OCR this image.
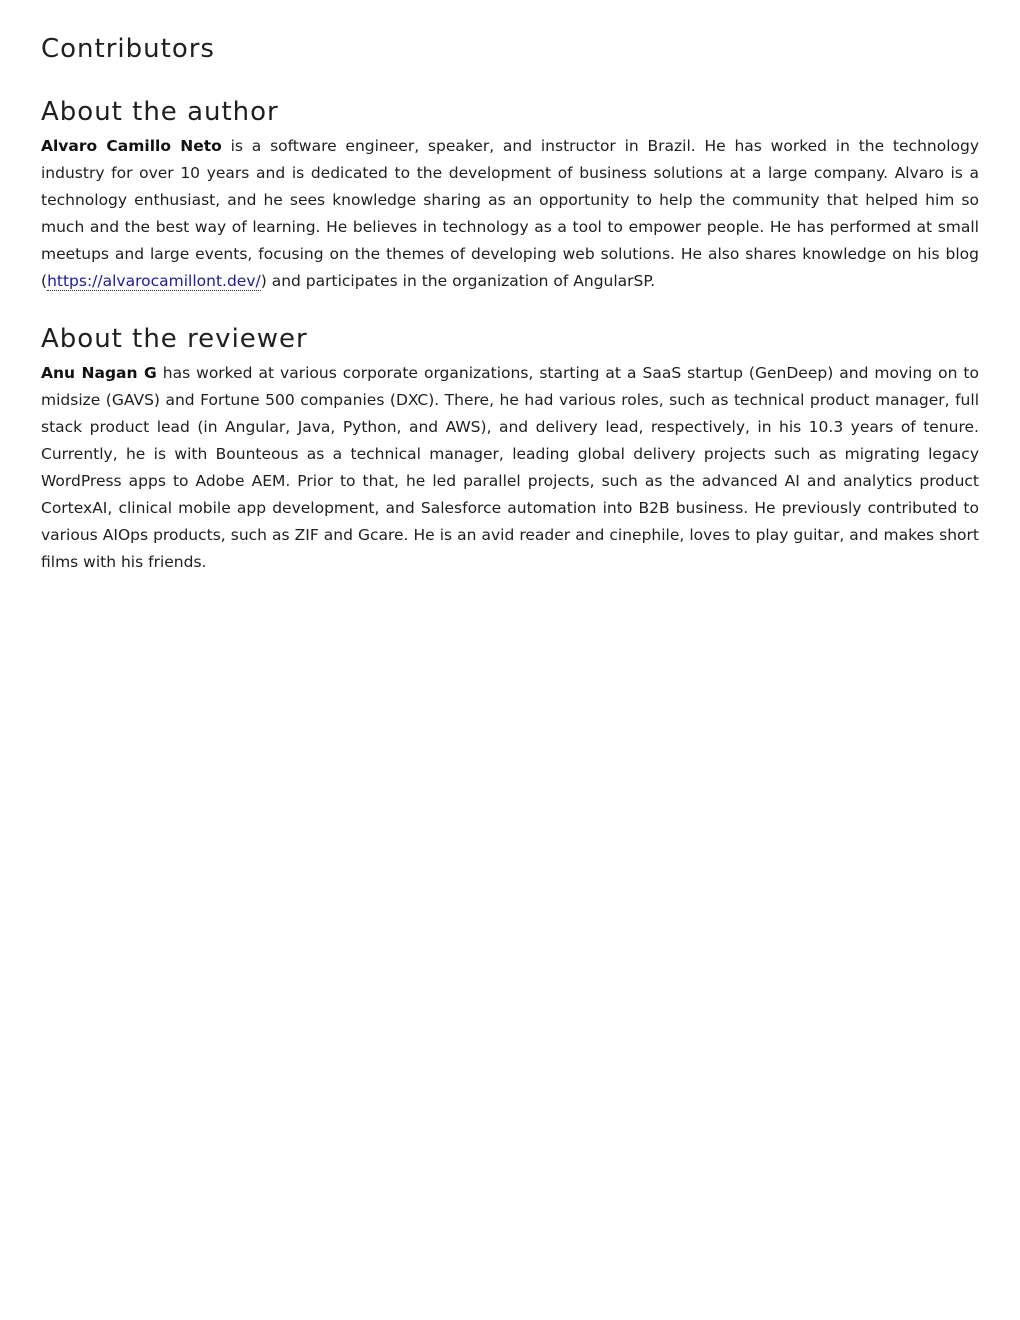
Contributors
About the author

Alvaro Camillo Neto is a software engineer, speaker, and instructor in Brazil. He has worked in the technology industry for over 10 years and is dedicated to the development of business solutions at a large company. Alvaro is a technology enthusiast, and he sees knowledge sharing as an opportunity to help the community that helped him so much and the best way of learning. He believes in technology as a tool to empower people. He has performed at small meetups and large events, focusing on the themes of developing web solutions. He also shares knowledge on his blog (https://alvarocamillont.dev/) and participates in the organization of AngularSP.

About the reviewer

Anu Nagan G has worked at various corporate organizations, starting at a SaaS startup (GenDeep) and moving on to midsize (GAVS) and Fortune 500 companies (DXC). There, he had various roles, such as technical product manager, full stack product lead (in Angular, Java, Python, and AWS), and delivery lead, respectively, in his 10.3 years of tenure. Currently, he is with Bounteous as a technical manager, leading global delivery projects such as migrating legacy WordPress apps to Adobe AEM. Prior to that, he led parallel projects, such as the advanced AI and analytics product CortexAI, clinical mobile app development, and Salesforce automation into B2B business. He previously contributed to various AIOps products, such as ZIF and Gcare. He is an avid reader and cinephile, loves to play guitar, and makes short films with his friends.
